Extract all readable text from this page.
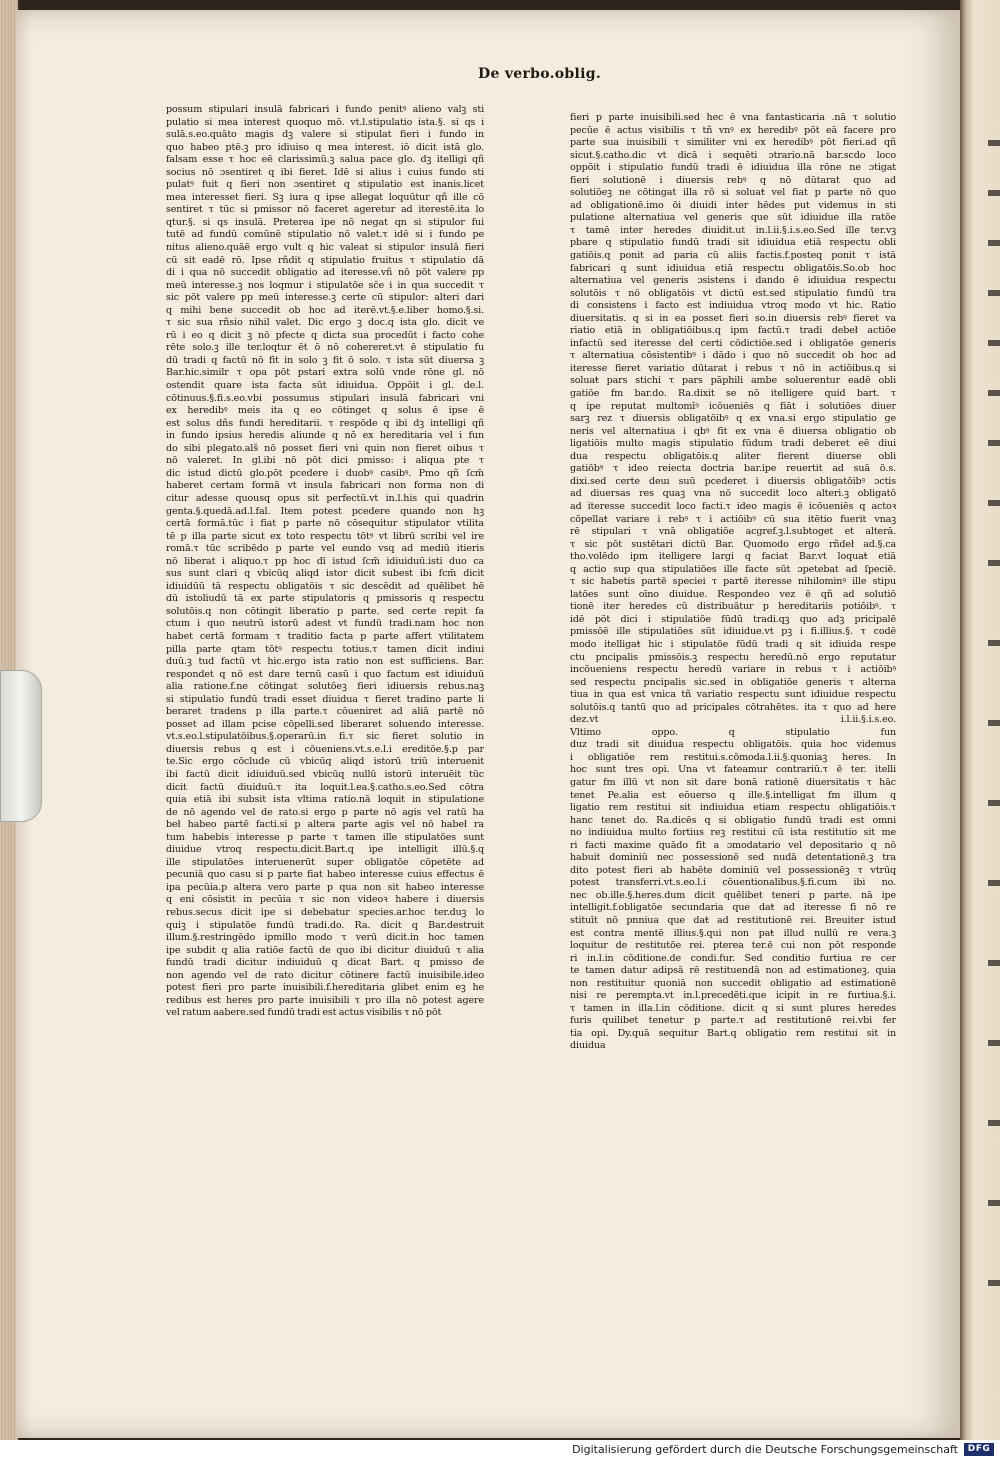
De verbo.oblig.
possum stipulari insulā fabricari i fundo penitꝰ alieno valꝫ sti
pulatio si mea interest quoquo mō. vt.l.stipulatio ista.§. si qs i
sulā.s.eo.quāto magis dꝫ valere si stipulat fieri i fundo in
quo habeo ptē.ꝫ pro idiuiso q mea interest. iō dicit istā glo.
falsam esse τ hoc eē clarissimū.ꝫ salua pace glo. dꝫ itelligi qñ
socius nō ɔsentiret q ibi fieret. Idē si alius i cuius fundo sti
pulatꝰ fuit q fieri non ɔsentiret q stipulatio est inanis.licet
mea interesset fieri. Sꝫ iura q ipse allegat loquūtur qñ ille cō
sentiret τ tūc si pmissor nō faceret ageretur ad iterestē.ita lo
qtur.§. si qs insulā. Preterea ipe nō negat qn si stipulor fui
tutē ad fundū comūnē stipulatio nō valet.τ idē si i fundo pe
nitus alieno.quāē ergo vult q hic valeat si stipulor insulā fieri
cū sit eadē rō. Ipse rñdit q stipulatio fruitus τ stipulatio dā
di i qua nō succedit obligatio ad iteresse.vñ nō pōt valere pp
meū interesse.ꝫ nos loqmur i stipulatōe sc̄e i in qua succedit τ
sic pōt valere pp meū interesse.ꝫ certe cū stipulor: alteri dari
q mihi bene succedit ob hoc ad iterē.vt.§.e.liber homo.§.si.
τ sic sua rñsio nihil valet. Dic ergo ꝫ doc.q ista glo. dicit ve
rū i eo q dicit ꝫ nō pfecte q dicta sua procedūt i facto cohe
rēte solo.ꝫ ille ter.loqtur ēt ō nō cohereret.vt ē stipulatio fu
dū tradi q factū nō fit in solo ꝫ fit ō solo. τ ista sūt diuersa ꝫ
Bar.hic.similr τ opa pōt pstari extra solū vnde rōne gl. nō
ostendit quare ista facta sūt idiuidua. Oppōit i gl. de.l.
cōtinuus.§.fi.s.eo.vbi possumus stipulari insulā fabricari vni
ex heredibꝰ meis ita q eo cōtinget q solus ē ipse ē
est solus dñs fundi hereditarii. τ respōde q ibi dꝫ intelligi qñ
in fundo ipsius heredis aliunde q nō ex hereditaria vel i fun
do sibi plegato.alš nō posset fieri vni quin non fieret oibus τ
nō valeret. In gl.ibi nō pōt dici pmisso: i aliqua pte τ
dic istud dictū glo.pōt pcedere i duobꝰ casibꝰ. Pmo qñ ſcm̄
haberet certam formā vt insula fabricari non forma non di
citur adesse quousq opus sit perfectū.vt in.l.his qui quadrin
genta.§.quedā.ad.l.fal. Item potest pcedere quando non hꝫ
certā formā.tūc i fiat p parte nō cōsequitur stipulator vtilita
tē p illa parte sicut ex toto respectu tōtꝰ vt librū scribi vel ire
romā.τ tūc scribēdo p parte vel eundo vsq ad mediū itieris
nō liberat i aliquo.τ pp hoc dī istud ſcm̄ idiuiduū.isti duo ca
sus sunt clari q vbicūq aliqd istor dicit subest ibi fcm̄ dicit
idiuidūū tā respectu obligatōis τ sic descēdit ad quēlibet hē
dū istoliudū tā ex parte stipulatoris q pmissoris q respectu
solutōis.q non cōtingit liberatio p parte. sed certe repit fa
ctum i quo neutrū istorū adest vt fundū tradi.nam hoc non
habet certā formam τ traditio facta p parte affert vtilitatem
pilla parte qtam tōtꝰ respectu totius.τ tamen dicit indiui
duū.ꝫ tud factū vt hic.ergo ista ratio non est sufficiens. Bar.
respondet q nō est dare ternū casū i quo factum est idiuiduū
alia ratione.f.ne cōtingat solutōeꝫ fieri idiuersis rebus.naꝫ
si stipulatio fundū tradi esset diuidua τ fieret tradino parte li
beraret tradens p illa parte.τ cōueniret ad aliā partē nō
posset ad illam pcise cōpelli.sed liberaret soluendo interesse.
vt.s.eo.l.stipulatōibus.§.operarū.in fi.τ sic fieret solutio in
diuersis rebus q est i cōueniens.vt.s.e.l.i ereditōe.§.p par
te.Sic ergo cōclude cū vbicūq aliqd istorū triū interuenit
ibi factū dicit idiuiduū.sed vbicūq nullū istorū interuēit tūc
dicit factū diuiduū.τ ita loquit.l.ea.§.catho.s.eo.Sed cōtra
quia etiā ibi subsit ista vltima ratio.nā loquit in stipulatione
de nō agendo vel de rato.si ergo p parte nō agis vel ratū ha
beł habeo partē facti.si p altera parte agis vel nō habeł ra
tum habebis interesse p parte τ tamen ille stipulatōes sunt
diuidue vtroq respectu.dicit.Bart.q ipe intelligit illū.§.q
ille stipulatōes interuenerūt super obligatōe cōpetēte ad
pecuniā quo casu si p parte fiat habeo interesse cuius effectus ē
ipa pecūia.p altera vero parte p qua non sit habeo interesse
q eni cōsistit in pecūia τ sic non videoꝛ habere i diuersis
rebus.secus dicit ipe si debebatur species.ar.hoc ter.duꝫ lo
quiꝫ i stipulatōe fundū tradi.do. Ra. dicit q Bar.destruit
illum.§.restringēdo ipmillo modo τ verū dicit.in hoc tamen
ipe subdit q alia ratiōe factū de quo ibi dicitur diuiduū τ alia
fundū tradi dicitur indiuiduū q dicat Bart. q pmisso de
non agendo vel de rato dicitur cōtinere factū inuisibile.ideo
potest fieri pro parte inuisibili.f.hereditaria glibet enim eꝫ he
redibus est heres pro parte inuisibili τ pro illa nō potest agere
vel ratum aabere.sed fundū tradi est actus visibilis τ nō pōt
fieri p parte inuisibili.sed hec ē vna fantasticaria .nā τ solutio
pecūe ē actus visibilis τ tñ vnꝰ ex heredibꝰ pōt eā facere pro
parte sua inuisibili τ similiter vni ex heredibꝰ pōt fieri.ad qñ
sicut.§.catho.dic vt dicā i sequēti ɔtrario.nā bar.scdo loco
oppōit i stipulatio fundū tradi ē idiuidua illa rōne ne ɔtigat
fieri solutionē i diuersis rebꝰ q nō dūtarat quo ad
solutiōeꝫ ne cōtingat illa rō si soluaŧ vel fiat p parte nō quo
ad obligationē.imo ōi diuidi inter hēdes put videmus in sti
pulatione alternatiua vel generis que sūt idiuidue illa ratōe
τ tamē inter heredes diuidit.ut in.l.ii.§.i.s.eo.Sed ille ter.vꝫ
pbare q stipulatio fundū tradi sit idiuidua etiā respectu obli
gatiōis.q ponit ad paria cū aliis factis.f.posteq ponit τ istā
fabricari q sunt idiuidua etiā respectu obligatōis.So.ob hoc
alternatiua vel generis ɔsistens i dando ē idiuidua respectu
solutōis τ nō obligatōis vt dictū est.sed stipulatio fundū tra
di consistens i facto est indiuidua vtroq modo vt hic. Ratio
diuersitatis. q si in ea posset fieri so.in diuersis rebꝰ fieret va
riatio etiā in obligatiōibus.q ipm factū.τ tradi debeł actiōe
infactū sed iteresse deł certi cōdictiōe.sed i obligatōe generis
τ alternatiua cōsistentibꝰ i dādo i quo nō succedit ob hoc ad
iteresse fieret variatio dūtarat i rebus τ nō in actiōibus.q si
soluaŧ pars stichi τ pars pāphili ambe soluerentur eadē obli
gatiōe fm bar.do. Ra.dixit se nō itelligere quid bart. τ
q ipe reputat multomīꝰ icōueniēs q fiāt i solutiōes diuer
sarꝫ rez τ diuersis obligatōibꝰ q ex vna.si ergo stipulatio ge
neris vel alternatiua i qbꝰ fit ex vna ē diuersa obligatio ob
ligatiōis multo magis stipulatio fūdum tradi deberet eē diui
dua respectu obligatōis.q aliter fierent diuerse obli
gatiōbꝰ τ ideo reiecta doctria bar.ipe reuertit ad suā ō.s.
dixi.sed certe deuı suū pcederet i diuersis obligatōibꝰ ɔctis
ad diuersas res quaꝫ vna nō succedit loco alteri.ꝫ obligatō
ad iteresse succedit loco facti.τ ideo magis ē icōueniēs q actoꝛ
cōpellaŧ variare i rebꝰ τ i actiōibꝰ cū sua itētio fuerit vnaꝫ
rē stipulari τ vnā obligatiōe acgref.ꝫ.l.subtoget et alterā.
τ sic pōt sustētari dictū Bar. Quomodo ergo rñdeł ad.§.ca
tho.volēdo ipm itelligere largi q faciat Bar.vt loquaŧ etiā
q actio sup qua stipulatiōes ille facte sūt ɔpetebat ad ſpeciē.
τ sic habetis partē speciei τ partē iteresse nihilominꝰ ille stipu
latōes sunt oīno diuidue. Respondeo vez ē qñ ad solutiō
tionē iter heredes cū distribuātur p hereditariis potiōibꝰ. τ
idē pōt dici i stipulatiōe fūdū tradi.qꝫ quo adꝫ pricipalē
pmissōē ille stipulatiōes sūt idiuidue.vt pꝫ i fi.illius.§. τ codē
modo itelligaŧ hic i stipulatōe fūdū tradi q sit idiuida respe
ctu pncipalis pmissōis.ꝫ respectu heredū.nō ergo reputatur
incōueniens respectu heredū variare in rebus τ i actiōibꝰ
sed respectu pncipalis sic.sed in obligatiōe generis τ alterna
tiua in qua est vnica tñ variatio respectu sunt idiuidue respectu
solutōis.q tantū quo ad pricipales cōtrahētes. ita τ quo ad here
dez.vt i.l.ii.§.i.s.eo.
Vltimo oppo. q stipulatio fun
duz tradi sit diuidua respectu obligatōis. quia hoc videmus
i obligatiōe rem restitui.s.cōmoda.l.ii.§.quoniaꝫ heres. In
hoc sunt tres opi. Una vt fateamur contrariū.τ ē ter. itelli
gatur fm illū vt non sit dare bonā rationē diuersitatis τ hāc
tenet Pe.alia est eōuerso q ille.§.intelligat fm illum q
ligatio rem restitui sit indiuidua etiam respectu obligatiōis.τ
hanc tenet do. Ra.dicēs q si obligatio fundū tradi est omni
no indiuidua multo fortius reꝫ restitui cū ista restitutio sit me
ri facti maxime quādo fit a ɔmodatario vel depositario q nō
habuit dominiū nec possessionē sed nudā detentationē.ꝫ tra
dito potest fieri ab habēte dominiū vel possessionēꝫ τ vtrūq
potest transferri.vt.s.eo.l.i cōuentionalibus.§.fi.cum ibi no.
nec ob.ille.§.heres.dum dicit quēlibet teneri p parte. nā ipe
intelligit.f.obligatōe secundaria que daŧ ad iteresse fi nō re
stituīt nō pnniua que daŧ ad restitutionē rei. Breuiter istud
est contra mentē illius.§.qui non paŧ illud nullū re vera.ꝫ
loquitur de restitutōe rei. pterea ter.ē cui non pōt responde
ri in.l.in cōditione.de condi.fur. Sed conditio furtiua re cer
te tamen datur adipsā rē restituendā non ad estimationeꝫ. quia
non restituitur quoniā non succedit obligatio ad estimationē
nisi re perempta.vt in.l.precedēti.que icipit in re furtiua.§.i.
τ tamen in illa.l.in cōditione. dicit q si sunt plures heredes
furis quilibet tenetur p parte.τ ad restitutionē rei.vbi fer
tia opi. Dy.quā sequitur Bart.q obligatio rem restitui sit in
diuidua
Digitalisierung gefördert durch die Deutsche Forschungsgemeinschaft	DFG
